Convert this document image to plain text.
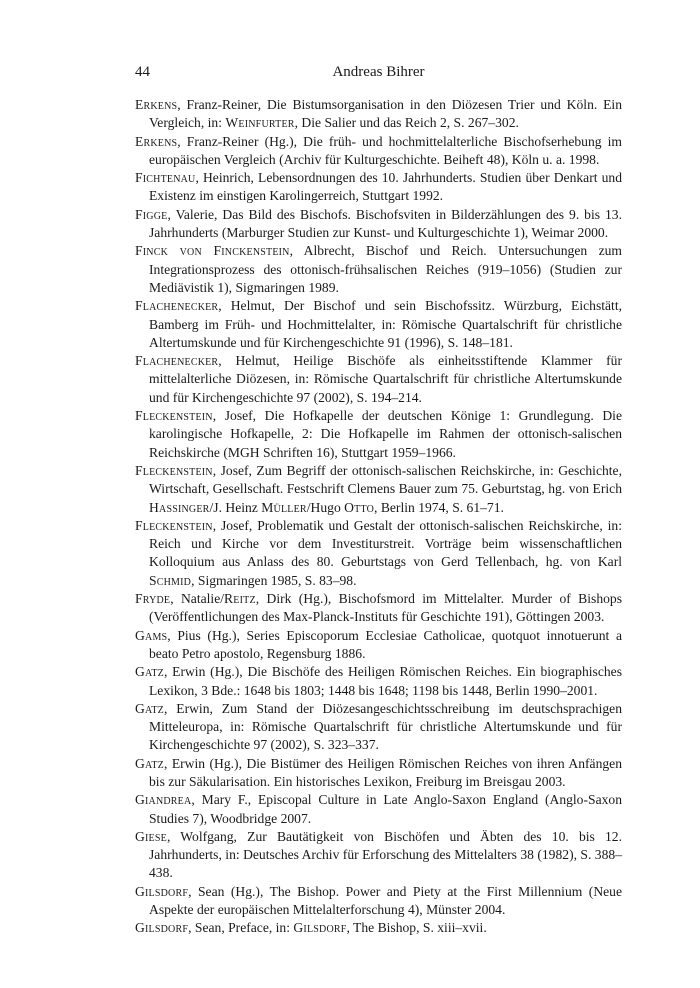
44	Andreas Bihrer

Erkens, Franz-Reiner, Die Bistumsorganisation in den Diözesen Trier und Köln. Ein Vergleich, in: Weinfurter, Die Salier und das Reich 2, S. 267–302.

Erkens, Franz-Reiner (Hg.), Die früh- und hochmittelalterliche Bischofserhebung im europäischen Vergleich (Archiv für Kulturgeschichte. Beiheft 48), Köln u. a. 1998.

Fichtenau, Heinrich, Lebensordnungen des 10. Jahrhunderts. Studien über Denkart und Existenz im einstigen Karolingerreich, Stuttgart 1992.

Figge, Valerie, Das Bild des Bischofs. Bischofsviten in Bilderzählungen des 9. bis 13. Jahrhunderts (Marburger Studien zur Kunst- und Kulturgeschichte 1), Weimar 2000.

Finck von Finckenstein, Albrecht, Bischof und Reich. Untersuchungen zum Integrationsprozess des ottonisch-frühsalischen Reiches (919–1056) (Studien zur Mediävistik 1), Sigmaringen 1989.

Flachenecker, Helmut, Der Bischof und sein Bischofssitz. Würzburg, Eichstätt, Bamberg im Früh- und Hochmittelalter, in: Römische Quartalschrift für christliche Altertumskunde und für Kirchengeschichte 91 (1996), S. 148–181.

Flachenecker, Helmut, Heilige Bischöfe als einheitsstiftende Klammer für mittelalterliche Diözesen, in: Römische Quartalschrift für christliche Altertumskunde und für Kirchengeschichte 97 (2002), S. 194–214.

Fleckenstein, Josef, Die Hofkapelle der deutschen Könige 1: Grundlegung. Die karolingische Hofkapelle, 2: Die Hofkapelle im Rahmen der ottonisch-salischen Reichskirche (MGH Schriften 16), Stuttgart 1959–1966.

Fleckenstein, Josef, Zum Begriff der ottonisch-salischen Reichskirche, in: Geschichte, Wirtschaft, Gesellschaft. Festschrift Clemens Bauer zum 75. Geburtstag, hg. von Erich Hassinger/J. Heinz Müller/Hugo Otto, Berlin 1974, S. 61–71.

Fleckenstein, Josef, Problematik und Gestalt der ottonisch-salischen Reichskirche, in: Reich und Kirche vor dem Investiturstreit. Vorträge beim wissenschaftlichen Kolloquium aus Anlass des 80. Geburtstags von Gerd Tellenbach, hg. von Karl Schmid, Sigmaringen 1985, S. 83–98.

Fryde, Natalie/Reitz, Dirk (Hg.), Bischofsmord im Mittelalter. Murder of Bishops (Veröffentlichungen des Max-Planck-Instituts für Geschichte 191), Göttingen 2003.

Gams, Pius (Hg.), Series Episcoporum Ecclesiae Catholicae, quotquot innotuerunt a beato Petro apostolo, Regensburg 1886.

Gatz, Erwin (Hg.), Die Bischöfe des Heiligen Römischen Reiches. Ein biographisches Lexikon, 3 Bde.: 1648 bis 1803; 1448 bis 1648; 1198 bis 1448, Berlin 1990–2001.

Gatz, Erwin, Zum Stand der Diözesangeschichtsschreibung im deutschsprachigen Mitteleuropa, in: Römische Quartalschrift für christliche Altertumskunde und für Kirchengeschichte 97 (2002), S. 323–337.

Gatz, Erwin (Hg.), Die Bistümer des Heiligen Römischen Reiches von ihren Anfängen bis zur Säkularisation. Ein historisches Lexikon, Freiburg im Breisgau 2003.

Giandrea, Mary F., Episcopal Culture in Late Anglo-Saxon England (Anglo-Saxon Studies 7), Woodbridge 2007.

Giese, Wolfgang, Zur Bautätigkeit von Bischöfen und Äbten des 10. bis 12. Jahrhunderts, in: Deutsches Archiv für Erforschung des Mittelalters 38 (1982), S. 388–438.

Gilsdorf, Sean (Hg.), The Bishop. Power and Piety at the First Millennium (Neue Aspekte der europäischen Mittelalterforschung 4), Münster 2004.

Gilsdorf, Sean, Preface, in: Gilsdorf, The Bishop, S. xiii–xvii.
